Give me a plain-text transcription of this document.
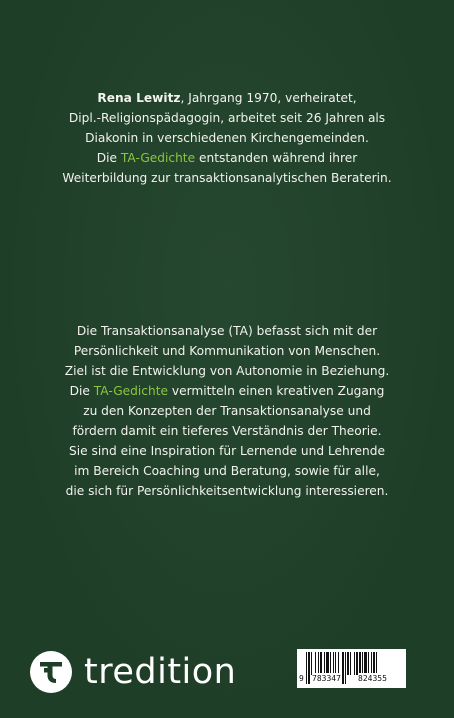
Rena Lewitz, Jahrgang 1970, verheiratet,
Dipl.-Religionspädagogin, arbeitet seit 26 Jahren als
Diakonin in verschiedenen Kirchengemeinden.
Die TA-Gedichte entstanden während ihrer
Weiterbildung zur transaktionsanalytischen Beraterin.
Die Transaktionsanalyse (TA) befasst sich mit der
Persönlichkeit und Kommunikation von Menschen.
Ziel ist die Entwicklung von Autonomie in Beziehung.
Die TA-Gedichte vermitteln einen kreativen Zugang
zu den Konzepten der Transaktionsanalyse und
fördern damit ein tieferes Verständnis der Theorie.
Sie sind eine Inspiration für Lernende und Lehrende
im Bereich Coaching und Beratung, sowie für alle,
die sich für Persönlichkeitsentwicklung interessieren.
tredition	9 783347 824355
